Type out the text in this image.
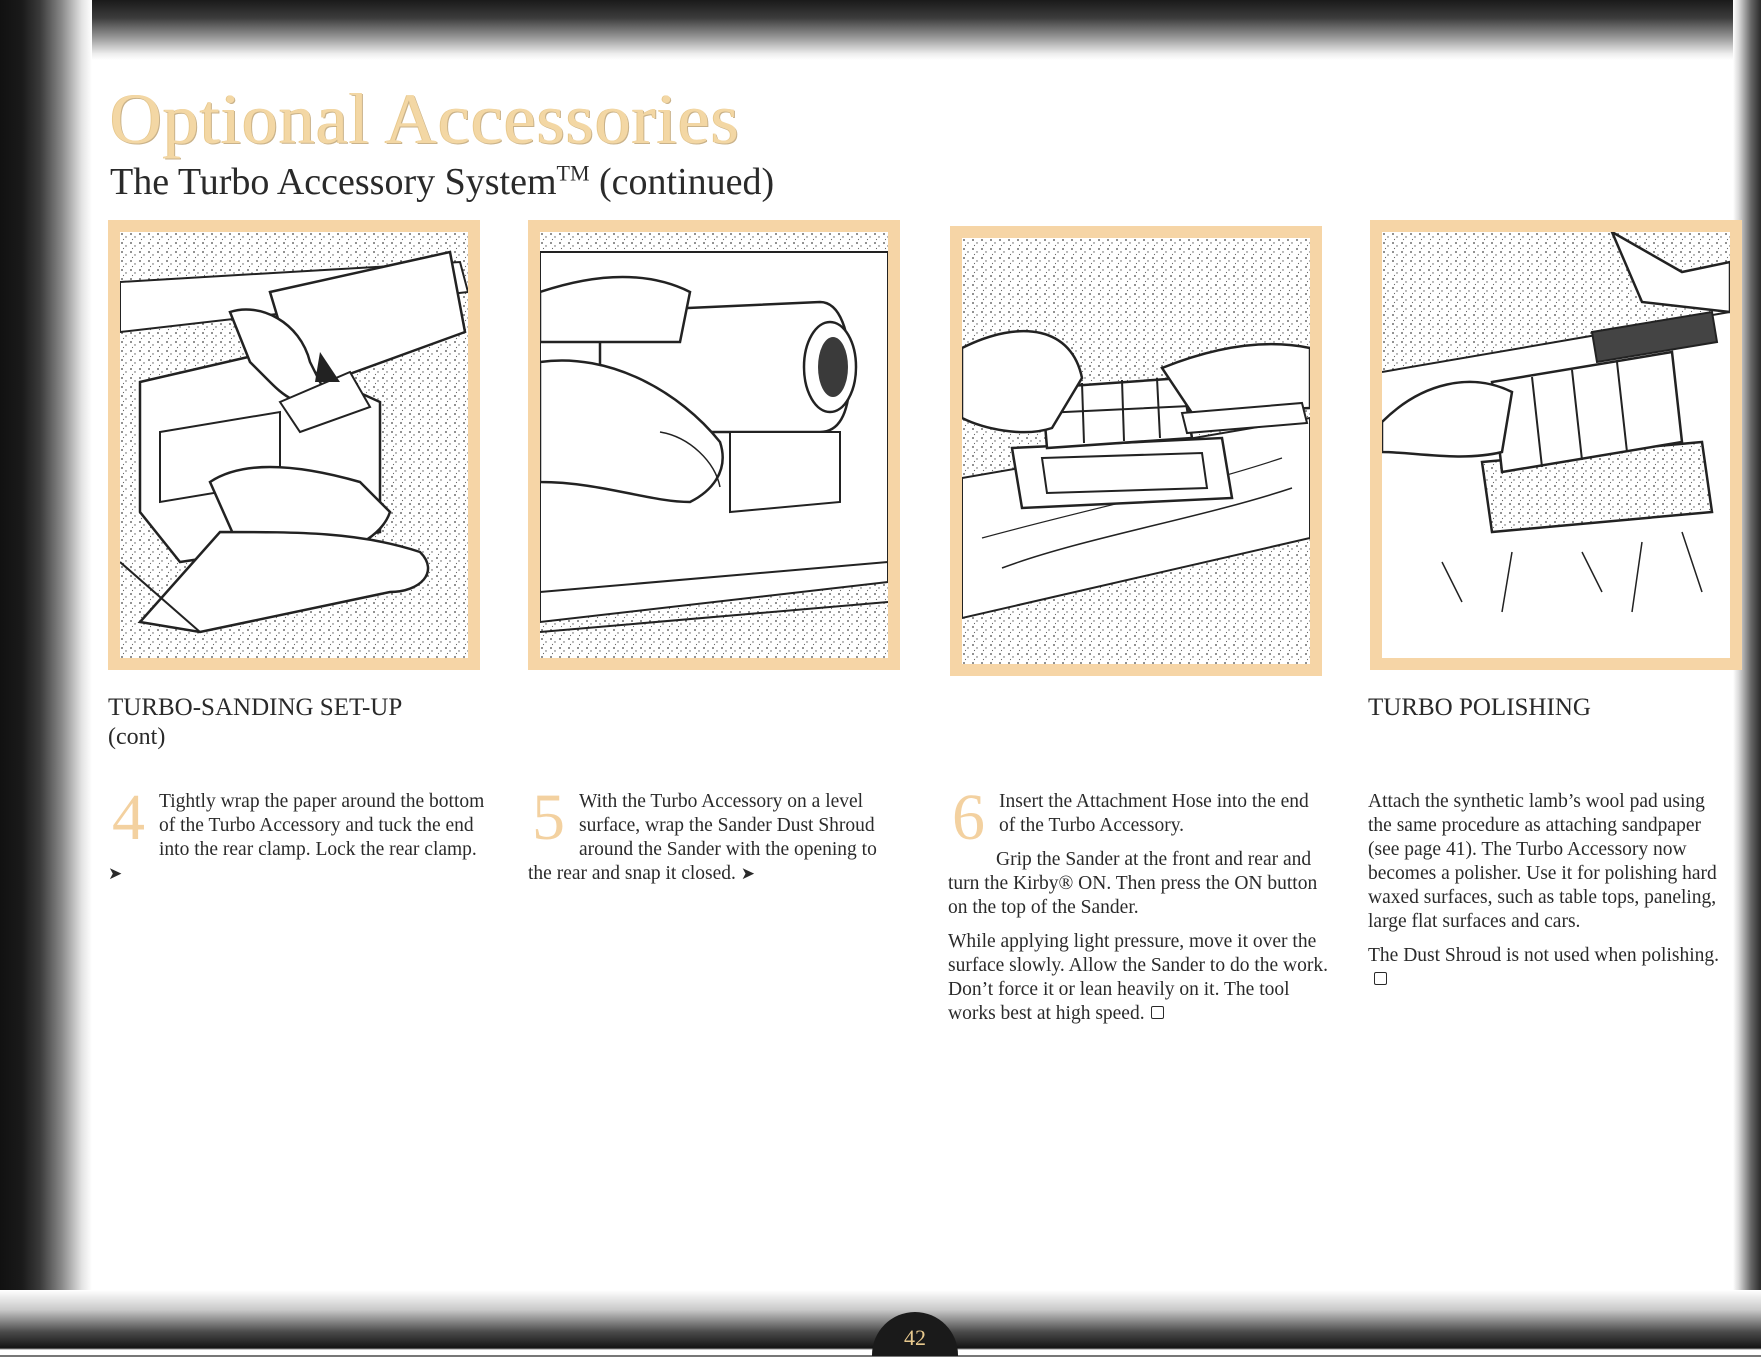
Optional Accessories
The Turbo Accessory System™ (continued)
TURBO-SANDING SET-UP
(cont)
TURBO POLISHING
4 Tightly wrap the paper around the bottom of the Turbo Accessory and tuck the end into the rear clamp. Lock the rear clamp. ➤
5 With the Turbo Accessory on a level surface, wrap the Sander Dust Shroud around the Sander with the opening to the rear and snap it closed. ➤

6 Insert the Attachment Hose into the end of the Turbo Accessory.

Grip the Sander at the front and rear and turn the Kirby® ON. Then press the ON button on the top of the Sander.

While applying light pressure, move it over the surface slowly. Allow the Sander to do the work. Don’t force it or lean heavily on it. The tool works best at high speed.

Attach the synthetic lamb’s wool pad using the same procedure as attaching sandpaper (see page 41). The Turbo Accessory now becomes a polisher. Use it for polishing hard waxed surfaces, such as table tops, paneling, large flat surfaces and cars.

The Dust Shroud is not used when polishing.

42
